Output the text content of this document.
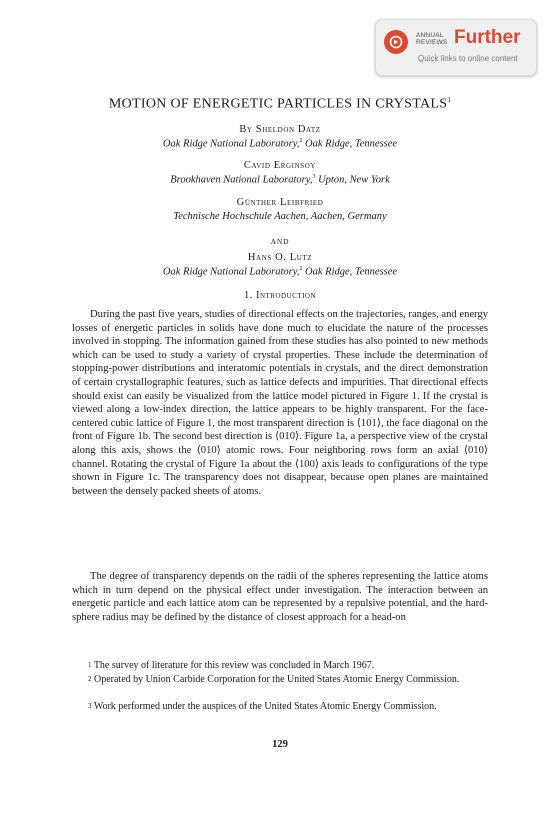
ANNUAL
REVIEWS Further
Quick links to online content
MOTION OF ENERGETIC PARTICLES IN CRYSTALS$^1$
By Sheldon Datz
Oak Ridge National Laboratory,$^2$ Oak Ridge, Tennessee
Cavid Erginsoy
Brookhaven National Laboratory,$^3$ Upton, New York
Günther Leibfried
Technische Hochschule Aachen, Aachen, Germany
AND
Hans O. Lutz
Oak Ridge National Laboratory,$^2$ Oak Ridge, Tennessee
1. Introduction

During the past five years, studies of directional effects on the trajectories, ranges, and energy losses of energetic particles in solids have done much to elucidate the nature of the processes involved in stopping. The information gained from these studies has also pointed to new methods which can be used to study a variety of crystal properties. These include the determination of stopping-power distributions and interatomic potentials in crystals, and the direct demonstration of certain crystallographic features, such as lattice defects and impurities. That directional effects should exist can easily be visualized from the lattice model pictured in Figure 1. If the crystal is viewed along a low-index direction, the lattice appears to be highly transparent. For the face-centered cubic lattice of Figure 1, the most transparent direction is ⟨101⟩, the face diagonal on the front of Figure 1b. The second best direction is ⟨010⟩. Figure 1a, a perspective view of the crystal along this axis, shows the ⟨010⟩ atomic rows. Four neighboring rows form an axial ⟨010⟩ channel. Rotating the crystal of Figure 1a about the ⟨100⟩ axis leads to configurations of the type shown in Figure 1c. The transparency does not disappear, because open planes are maintained between the densely packed sheets of atoms.

The degree of transparency depends on the radii of the spheres representing the lattice atoms which in turn depend on the physical effect under investigation. The interaction between an energetic particle and each lattice atom can be represented by a repulsive potential, and the hard-sphere radius may be defined by the distance of closest approach for a head-on

$^1$ The survey of literature for this review was concluded in March 1967.

$^2$ Operated by Union Carbide Corporation for the United States Atomic Energy Commission.

$^3$ Work performed under the auspices of the United States Atomic Energy Commission.

129
